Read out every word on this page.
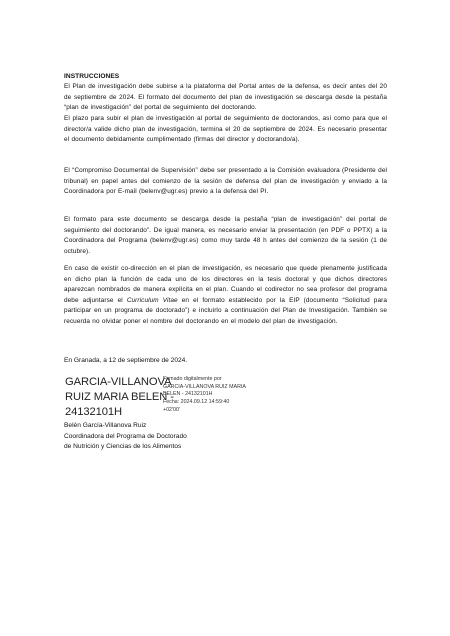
INSTRUCCIONES

El Plan de investigación debe subirse a la plataforma del Portal antes de la defensa, es decir antes del 20 de septiembre de 2024. El formato del documento del plan de investigación se descarga desde la pestaña “plan de investigación” del portal de seguimiento del doctorando.

El plazo para subir el plan de investigación al portal de seguimiento de doctorandos, así como para que el director/a valide dicho plan de investigación, termina el 20 de septiembre de 2024. Es necesario presentar el documento debidamente cumplimentado (firmas del director y doctorando/a).

El “Compromiso Documental de Supervisión” debe ser presentado a la Comisión evaluadora (Presidente del tribunal) en papel antes del comienzo de la sesión de defensa del plan de investigación y enviado a la Coordinadora por E-mail (belenv@ugr.es) previo a la defensa del PI.

El formato para este documento se descarga desde la pestaña “plan de investigación” del portal de seguimiento del doctorando”. De igual manera, es necesario enviar la presentación (en PDF o PPTX) a la Coordinadora del Programa (belenv@ugr.es) como muy tarde 48 h antes del comienzo de la sesión (1 de octubre).

En caso de existir co-dirección en el plan de investigación, es necesario que quede plenamente justificada en dicho plan la función de cada uno de los directores en la tesis doctoral y que dichos directores aparezcan nombrados de manera explícita en el plan. Cuando el codirector no sea profesor del programa debe adjuntarse el Curriculum Vitae en el formato establecido por la EIP (documento “Solicitud para participar en un programa de doctorado”) e incluirlo a continuación del Plan de Investigación. También se recuerda no olvidar poner el nombre del doctorando en el modelo del plan de investigación.

En Granada, a 12 de septiembre de 2024.

GARCIA-VILLANOVA
RUIZ MARIA BELEN -
24132101H
Firmado digitalmente por
GARCIA-VILLANOVA RUIZ MARIA
BELEN - 24132101H
Fecha: 2024.09.12 14:59:40
+02'00'
Belén García-Villanova Ruiz
Coordinadora del Programa de Doctorado
de Nutrición y Ciencias de los Alimentos
